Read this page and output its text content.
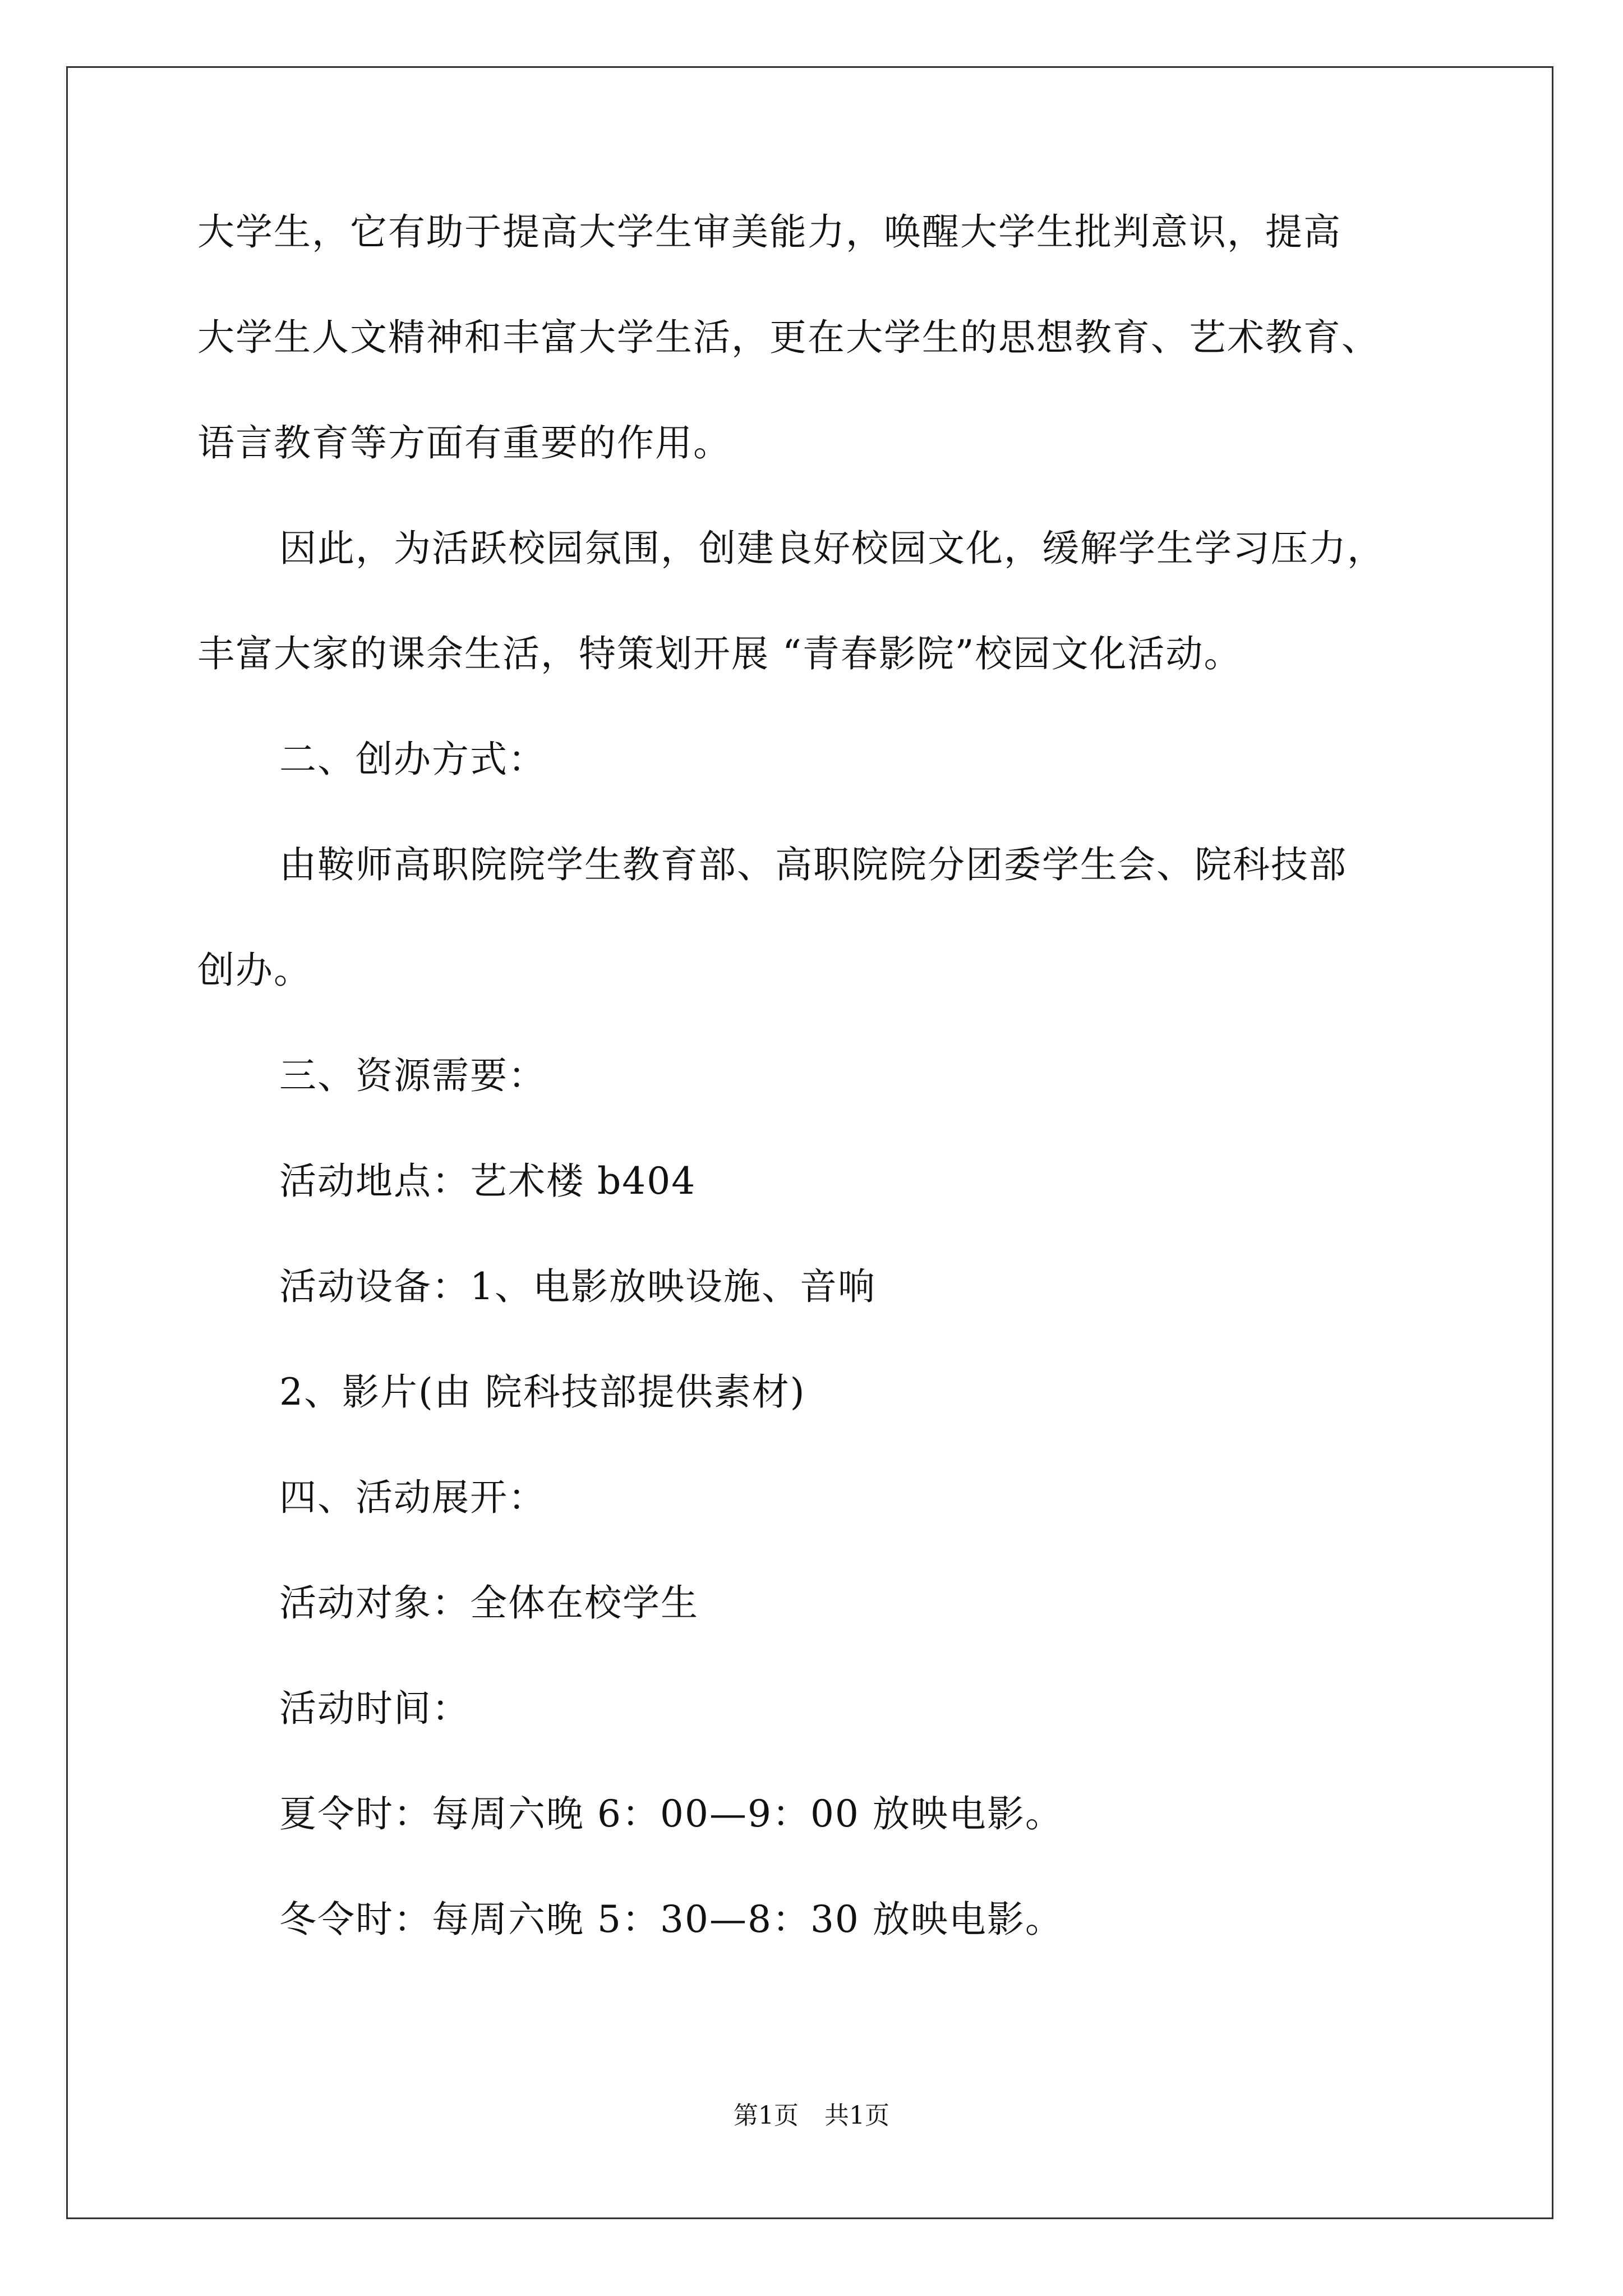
大学生，它有助于提高大学生审美能力，唤醒大学生批判意识，提高

大学生人文精神和丰富大学生活，更在大学生的思想教育、艺术教育、

语言教育等方面有重要的作用。

因此，为活跃校园氛围，创建良好校园文化，缓解学生学习压力，

丰富大家的课余生活，特策划开展 “青春影院”校园文化活动。

二、创办方式：

由鞍师高职院院学生教育部、高职院院分团委学生会、院科技部

创办。

三、资源需要：

活动地点：艺术楼 b404

活动设备：1、电影放映设施、音响

2、影片(由 院科技部提供素材)

四、活动展开：

活动对象：全体在校学生

活动时间：

夏令时：每周六晚 6：00—9：00 放映电影。

冬令时：每周六晚 5：30—8：30 放映电影。

第1页 共1页
